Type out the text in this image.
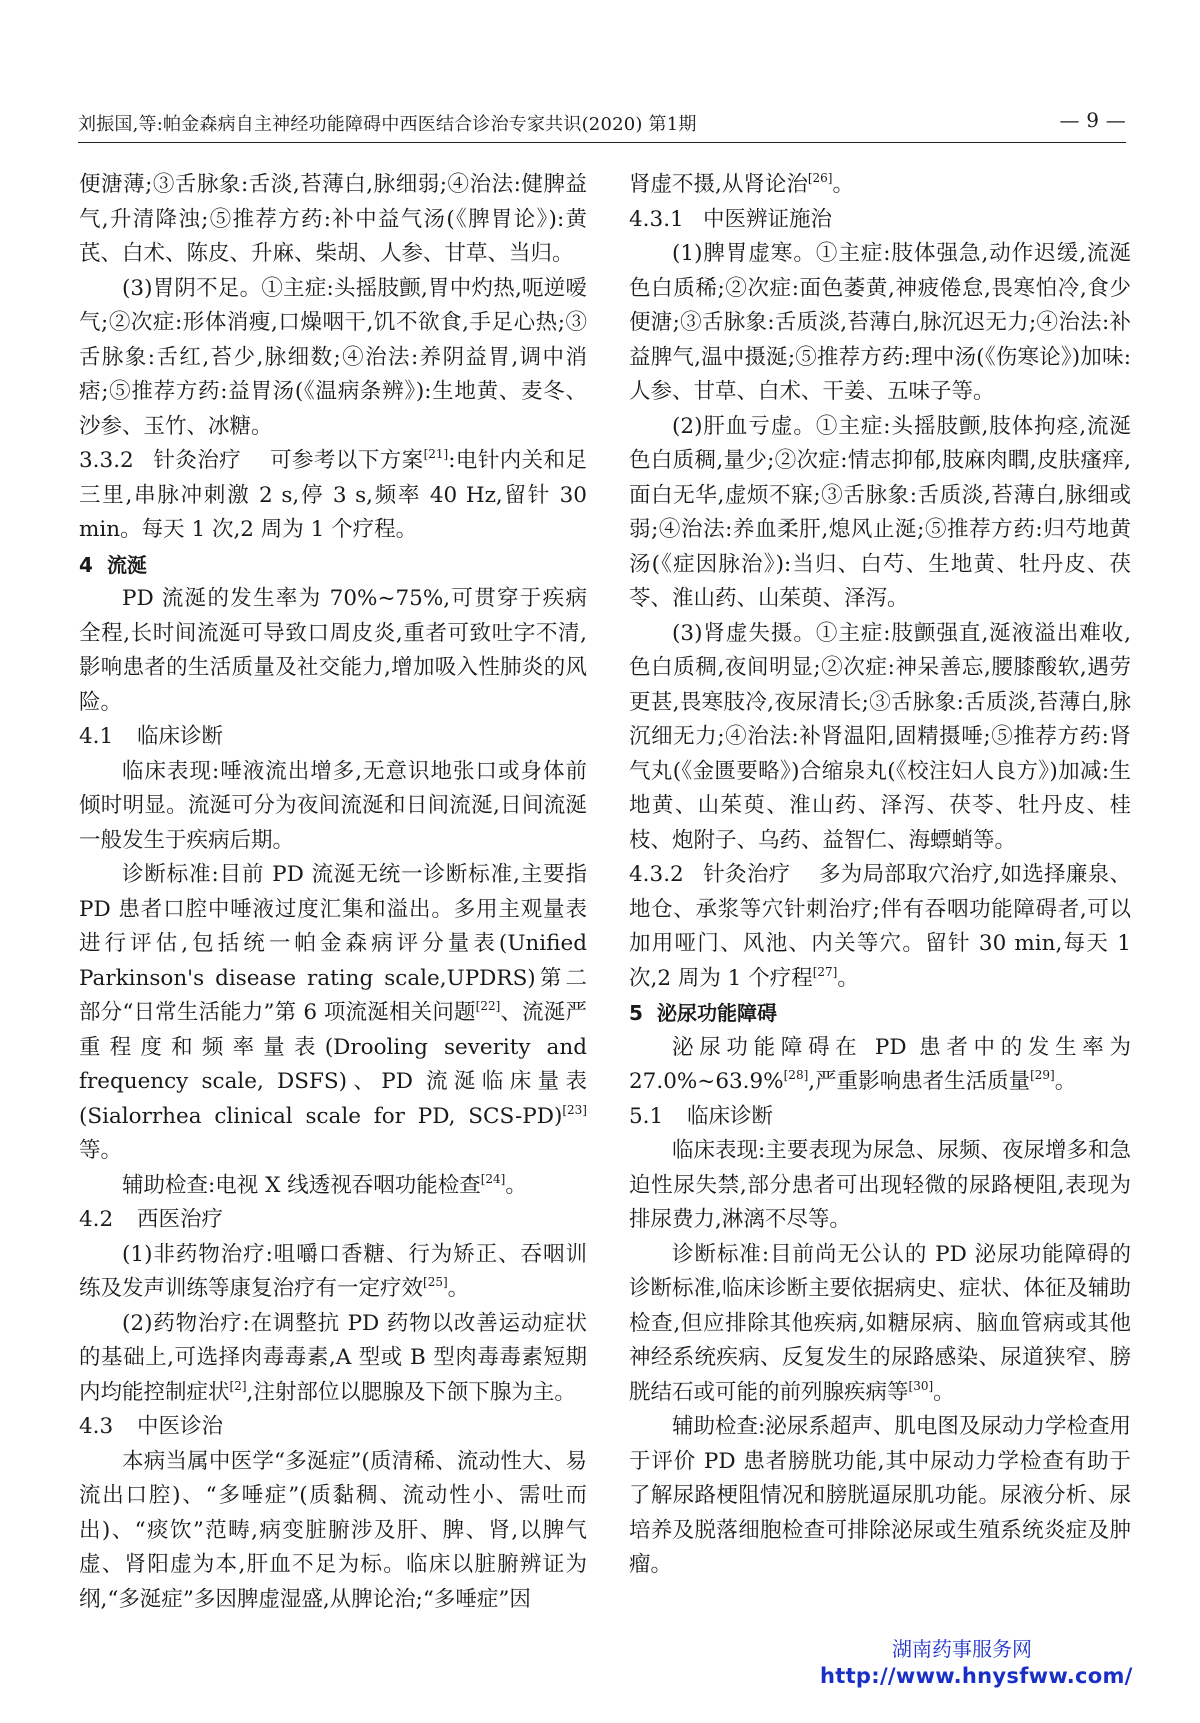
刘振国,等:帕金森病自主神经功能障碍中西医结合诊治专家共识(2020) 第1期	— 9 —

便溏薄;③舌脉象:舌淡,苔薄白,脉细弱;④治法:健脾益气,升清降浊;⑤推荐方药:补中益气汤(《脾胃论》):黄芪、白术、陈皮、升麻、柴胡、人参、甘草、当归。

(3)胃阴不足。①主症:头摇肢颤,胃中灼热,呃逆嗳气;②次症:形体消瘦,口燥咽干,饥不欲食,手足心热;③舌脉象:舌红,苔少,脉细数;④治法:养阴益胃,调中消痞;⑤推荐方药:益胃汤(《温病条辨》):生地黄、麦冬、沙参、玉竹、冰糖。

3.3.2 针灸治疗 可参考以下方案[21]:电针内关和足三里,串脉冲刺激 2 s,停 3 s,频率 40 Hz,留针 30 min。每天 1 次,2 周为 1 个疗程。

4 流涎

PD 流涎的发生率为 70%~75%,可贯穿于疾病全程,长时间流涎可导致口周皮炎,重者可致吐字不清,影响患者的生活质量及社交能力,增加吸入性肺炎的风险。

4.1 临床诊断

临床表现:唾液流出增多,无意识地张口或身体前倾时明显。流涎可分为夜间流涎和日间流涎,日间流涎一般发生于疾病后期。

诊断标准:目前 PD 流涎无统一诊断标准,主要指 PD 患者口腔中唾液过度汇集和溢出。多用主观量表进行评估,包括统一帕金森病评分量表(Unified Parkinson's disease rating scale,UPDRS)第二部分“日常生活能力”第 6 项流涎相关问题[22]、流涎严重程度和频率量表(Drooling severity and frequency scale, DSFS)、PD 流涎临床量表(Sialorrhea clinical scale for PD, SCS-PD)[23]等。

辅助检查:电视 X 线透视吞咽功能检查[24]。

4.2 西医治疗

(1)非药物治疗:咀嚼口香糖、行为矫正、吞咽训练及发声训练等康复治疗有一定疗效[25]。

(2)药物治疗:在调整抗 PD 药物以改善运动症状的基础上,可选择肉毒毒素,A 型或 B 型肉毒毒素短期内均能控制症状[2],注射部位以腮腺及下颌下腺为主。

4.3 中医诊治

本病当属中医学“多涎症”(质清稀、流动性大、易流出口腔)、“多唾症”(质黏稠、流动性小、需吐而出)、“痰饮”范畴,病变脏腑涉及肝、脾、肾,以脾气虚、肾阳虚为本,肝血不足为标。临床以脏腑辨证为纲,“多涎症”多因脾虚湿盛,从脾论治;“多唾症”因

肾虚不摄,从肾论治[26]。

4.3.1 中医辨证施治

(1)脾胃虚寒。①主症:肢体强急,动作迟缓,流涎色白质稀;②次症:面色萎黄,神疲倦怠,畏寒怕冷,食少便溏;③舌脉象:舌质淡,苔薄白,脉沉迟无力;④治法:补益脾气,温中摄涎;⑤推荐方药:理中汤(《伤寒论》)加味:人参、甘草、白术、干姜、五味子等。

(2)肝血亏虚。①主症:头摇肢颤,肢体拘痉,流涎色白质稠,量少;②次症:情志抑郁,肢麻肉瞤,皮肤瘙痒,面白无华,虚烦不寐;③舌脉象:舌质淡,苔薄白,脉细或弱;④治法:养血柔肝,熄风止涎;⑤推荐方药:归芍地黄汤(《症因脉治》):当归、白芍、生地黄、牡丹皮、茯苓、淮山药、山茱萸、泽泻。

(3)肾虚失摄。①主症:肢颤强直,涎液溢出难收,色白质稠,夜间明显;②次症:神呆善忘,腰膝酸软,遇劳更甚,畏寒肢冷,夜尿清长;③舌脉象:舌质淡,苔薄白,脉沉细无力;④治法:补肾温阳,固精摄唾;⑤推荐方药:肾气丸(《金匮要略》)合缩泉丸(《校注妇人良方》)加减:生地黄、山茱萸、淮山药、泽泻、茯苓、牡丹皮、桂枝、炮附子、乌药、益智仁、海螵蛸等。

4.3.2 针灸治疗 多为局部取穴治疗,如选择廉泉、地仓、承浆等穴针刺治疗;伴有吞咽功能障碍者,可以加用哑门、风池、内关等穴。留针 30 min,每天 1 次,2 周为 1 个疗程[27]。

5 泌尿功能障碍

泌尿功能障碍在 PD 患者中的发生率为 27.0%~63.9%[28],严重影响患者生活质量[29]。

5.1 临床诊断

临床表现:主要表现为尿急、尿频、夜尿增多和急迫性尿失禁,部分患者可出现轻微的尿路梗阻,表现为排尿费力,淋漓不尽等。

诊断标准:目前尚无公认的 PD 泌尿功能障碍的诊断标准,临床诊断主要依据病史、症状、体征及辅助检查,但应排除其他疾病,如糖尿病、脑血管病或其他神经系统疾病、反复发生的尿路感染、尿道狭窄、膀胱结石或可能的前列腺疾病等[30]。

辅助检查:泌尿系超声、肌电图及尿动力学检查用于评价 PD 患者膀胱功能,其中尿动力学检查有助于了解尿路梗阻情况和膀胱逼尿肌功能。尿液分析、尿培养及脱落细胞检查可排除泌尿或生殖系统炎症及肿瘤。

湖南药事服务网
http://www.hnysfww.com/
